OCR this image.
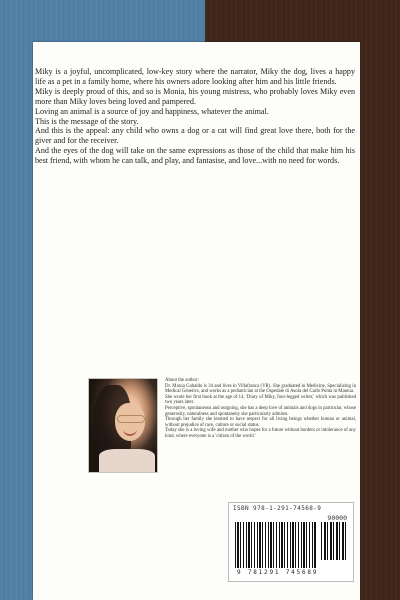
Miky is a joyful, uncomplicated, low-key story where the narrator, Miky the dog, lives a happy life as a pet in a family home, where his owners adore looking after him and his little friends.

Miky is deeply proud of this, and so is Monia, his young mistress, who probably loves Miky even more than Miky loves being loved and pampered.

Loving an animal is a source of joy and happiness, whatever the animal.

This is the message of the story.

And this is the appeal: any child who owns a dog or a cat will find great love there, both for the giver and for the receiver.

And the eyes of the dog will take on the same expressions as those of the child that make him his best friend, with whom he can talk, and play, and fantasise, and love...with no need for words.

About the author:

Dr. Monia Gabaldo is 34 and lives in Villafranca (VR). She graduated in Medicine, Specializing in Medical Genetics, and works as a pediatrician at the Ospedale di Asola del Carlo Poma in Mantua.

She wrote her first book at the age of 14, 'Diary of Miky, four-legged writer,' which was published two years later.

Perceptive, spontaneous and outgoing, she has a deep love of animals and dogs in particular, whose generosity, naturalness and spontaneity she particularly admires.

Through her family she learned to have respect for all living beings whether human or animal, without prejudice of race, culture or social status.

Today she is a loving wife and mother who hopes for a future without borders or intolerance of any kind, where everyone is a 'citizen of the world.'

ISBN 978-1-291-74568-9
90000
9 781291 745689
